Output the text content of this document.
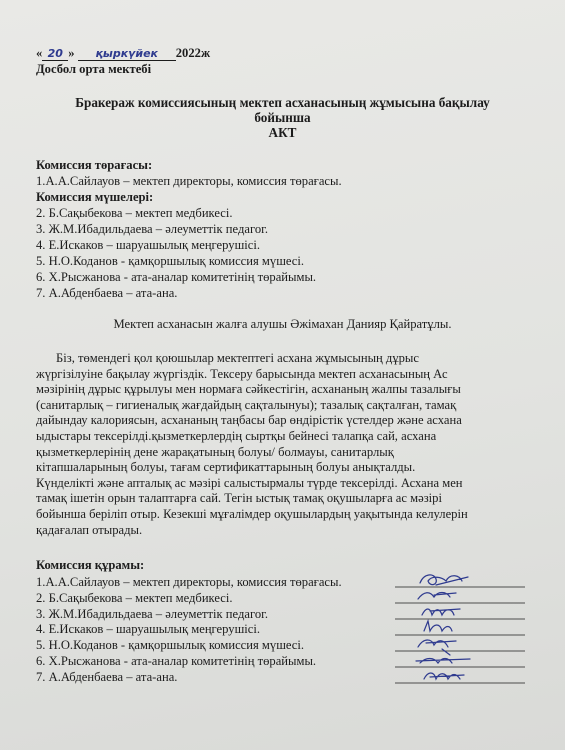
« 20 » қыркүйек 2022ж
Досбол орта мектебі
Бракераж комиссиясының мектеп асханасының жұмысына бақылау
бойынша
АКТ
Комиссия төрағасы:
1.А.А.Сайлауов – мектеп директоры, комиссия төрағасы.
Комиссия мүшелері:
2. Б.Сақыбекова – мектеп медбикесі.
3. Ж.М.Ибадильдаева – әлеуметтік педагог.
4. Е.Искаков – шаруашылық меңгерушісі.
5. Н.О.Коданов - қамқоршылық комиссия мүшесі.
6. Х.Рысжанова - ата-аналар комитетінің төрайымы.
7. А.Абденбаева – ата-ана.
Мектеп асханасын жалға алушы Әжімахан Данияр Қайратұлы.
Біз, төмендегі қол қоюшылар мектептегі асхана жұмысының дұрыс
жүргізілуіне бақылау жүргіздік. Тексеру барысында мектеп асханасының Ас
мәзірінің дұрыс құрылуы мен нормаға сәйкестігін, асхананың жалпы тазалығы
(санитарлық – гигиеналық жағдайдың сақталынуы); тазалық сақталған, тамақ
дайындау калориясын, асхананың таңбасы бар өндірістік үстелдер және асхана
ыдыстары тексерілді.қызметкерлердің сыртқы бейнесі талапқа сай, асхана
қызметкерлерінің дене жарақатының болуы/ болмауы, санитарлық
кітапшаларының болуы, тағам сертификаттарының болуы анықталды.
Күнделікті және апталық ас мәзірі салыстырмалы түрде тексерілді. Асхана мен
тамақ ішетін орын талаптарға сай. Тегін ыстық тамақ оқушыларға ас мәзірі
бойынша беріліп отыр. Кезекші мұғалімдер оқушылардың уақытында келулерін
қадағалап отырады.
Комиссия құрамы:
1.А.А.Сайлауов – мектеп директоры, комиссия төрағасы.
2. Б.Сақыбекова – мектеп медбикесі.
3. Ж.М.Ибадильдаева – әлеуметтік педагог.
4. Е.Искаков – шаруашылық меңгерушісі.
5. Н.О.Коданов - қамқоршылық комиссия мүшесі.
6. Х.Рысжанова - ата-аналар комитетінің төрайымы.
7. А.Абденбаева – ата-ана.
